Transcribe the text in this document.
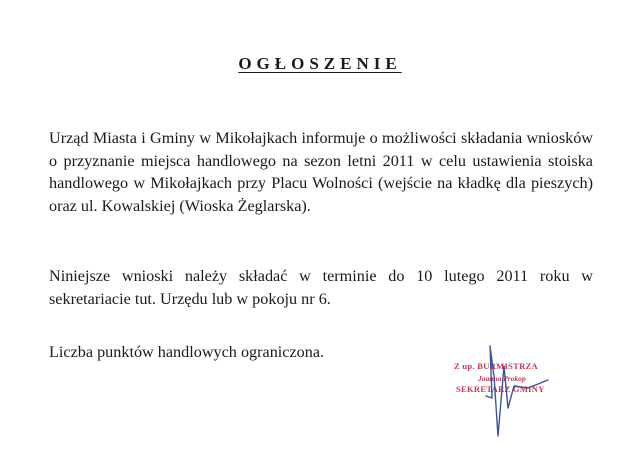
OGŁOSZENIE
Urząd Miasta i Gminy w Mikołajkach informuje o możliwości składania wniosków o przyznanie miejsca handlowego na sezon letni 2011 w celu ustawienia stoiska handlowego w Mikołajkach przy Placu Wolności (wejście na kładkę dla pieszych) oraz ul. Kowalskiej (Wioska Żeglarska).
Niniejsze wnioski należy składać w terminie do 10 lutego 2011 roku w sekretariacie tut. Urzędu lub w pokoju nr 6.
Liczba punktów handlowych ograniczona.
Z up. BURMISTRZA
Joanna Prokop
SEKRETARZ GMINY
